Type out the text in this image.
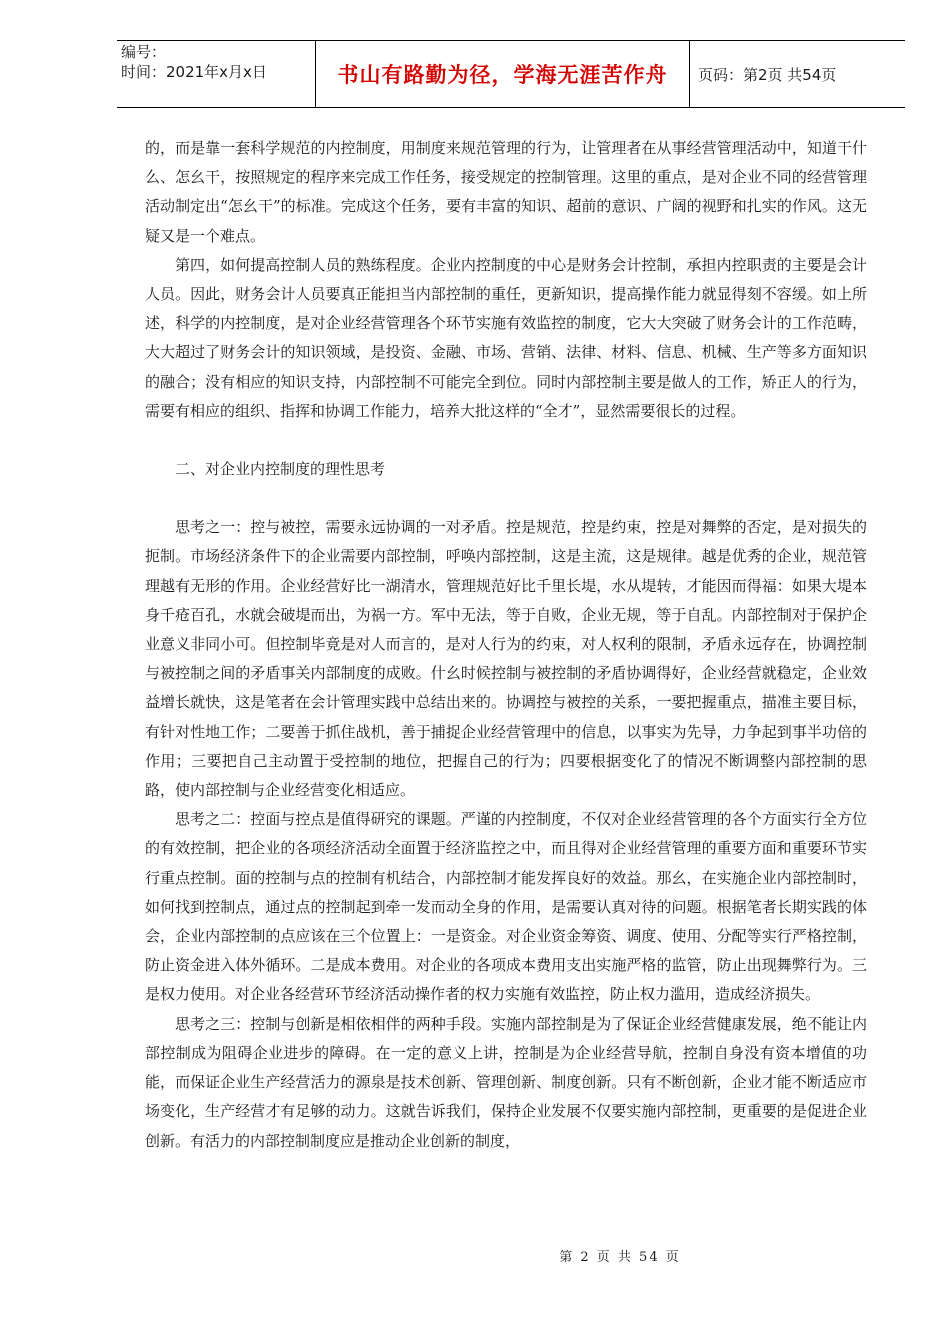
编号：
时间：2021年x月x日	书山有路勤为径，学海无涯苦作舟	页码：第2页 共54页

的，而是靠一套科学规范的内控制度，用制度来规范管理的行为，让管理者在从事经营管理活动中，知道干什么、怎幺干，按照规定的程序来完成工作任务，接受规定的控制管理。这里的重点，是对企业不同的经营管理活动制定出“怎幺干”的标准。完成这个任务，要有丰富的知识、超前的意识、广阔的视野和扎实的作风。这无疑又是一个难点。

第四，如何提高控制人员的熟练程度。企业内控制度的中心是财务会计控制，承担内控职责的主要是会计人员。因此，财务会计人员要真正能担当内部控制的重任，更新知识，提高操作能力就显得刻不容缓。如上所述，科学的内控制度，是对企业经营管理各个环节实施有效监控的制度，它大大突破了财务会计的工作范畴，大大超过了财务会计的知识领域，是投资、金融、市场、营销、法律、材料、信息、机械、生产等多方面知识的融合；没有相应的知识支持，内部控制不可能完全到位。同时内部控制主要是做人的工作，矫正人的行为，需要有相应的组织、指挥和协调工作能力，培养大批这样的“全才”，显然需要很长的过程。

二、对企业内控制度的理性思考

思考之一：控与被控，需要永远协调的一对矛盾。控是规范，控是约束，控是对舞弊的否定，是对损失的扼制。市场经济条件下的企业需要内部控制，呼唤内部控制，这是主流，这是规律。越是优秀的企业，规范管理越有无形的作用。企业经营好比一湖清水，管理规范好比千里长堤，水从堤转，才能因而得福：如果大堤本身千疮百孔，水就会破堤而出，为祸一方。军中无法，等于自败，企业无规，等于自乱。内部控制对于保护企业意义非同小可。但控制毕竟是对人而言的，是对人行为的约束，对人权利的限制，矛盾永远存在，协调控制与被控制之间的矛盾事关内部制度的成败。什幺时候控制与被控制的矛盾协调得好，企业经营就稳定，企业效益增长就快，这是笔者在会计管理实践中总结出来的。协调控与被控的关系，一要把握重点，描准主要目标，有针对性地工作；二要善于抓住战机，善于捕捉企业经营管理中的信息，以事实为先导，力争起到事半功倍的作用；三要把自己主动置于受控制的地位，把握自己的行为；四要根据变化了的情况不断调整内部控制的思路，使内部控制与企业经营变化相适应。

思考之二：控面与控点是值得研究的课题。严谨的内控制度，不仅对企业经营管理的各个方面实行全方位的有效控制，把企业的各项经济活动全面置于经济监控之中，而且得对企业经营管理的重要方面和重要环节实行重点控制。面的控制与点的控制有机结合，内部控制才能发挥良好的效益。那幺，在实施企业内部控制时，如何找到控制点，通过点的控制起到牵一发而动全身的作用，是需要认真对待的问题。根据笔者长期实践的体会，企业内部控制的点应该在三个位置上：一是资金。对企业资金筹资、调度、使用、分配等实行严格控制，防止资金进入体外循环。二是成本费用。对企业的各项成本费用支出实施严格的监管，防止出现舞弊行为。三是权力使用。对企业各经营环节经济活动操作者的权力实施有效监控，防止权力滥用，造成经济损失。

思考之三：控制与创新是相依相伴的两种手段。实施内部控制是为了保证企业经营健康发展，绝不能让内部控制成为阻碍企业进步的障碍。在一定的意义上讲，控制是为企业经营导航，控制自身没有资本增值的功能，而保证企业生产经营活力的源泉是技术创新、管理创新、制度创新。只有不断创新，企业才能不断适应市场变化，生产经营才有足够的动力。这就告诉我们，保持企业发展不仅要实施内部控制，更重要的是促进企业创新。有活力的内部控制制度应是推动企业创新的制度，

第 2 页 共 54 页
